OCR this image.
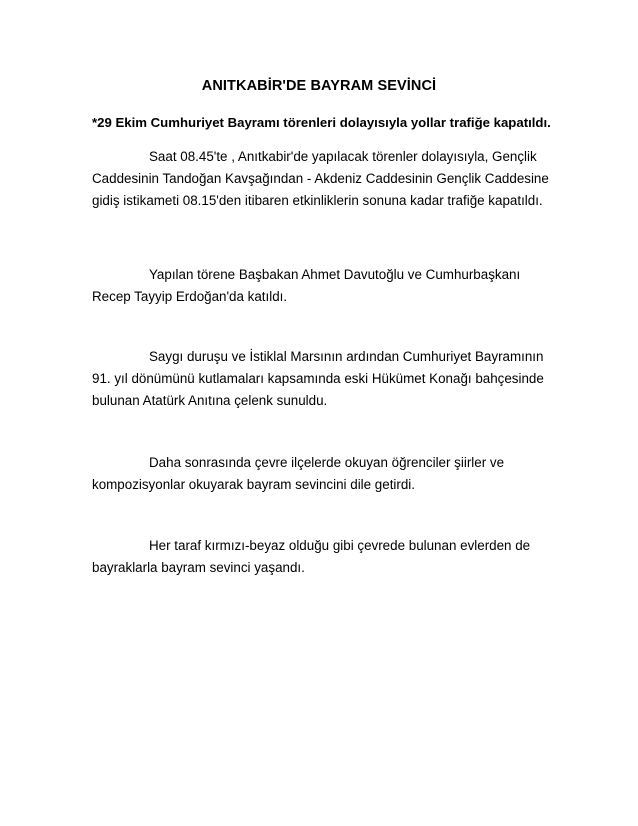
ANITKABİR'DE BAYRAM SEVİNCİ
*29 Ekim Cumhuriyet Bayramı törenleri dolayısıyla yollar trafiğe kapatıldı.
Saat 08.45'te , Anıtkabir'de yapılacak törenler dolayısıyla, Gençlik Caddesinin Tandoğan Kavşağından - Akdeniz Caddesinin Gençlik Caddesine gidiş istikameti 08.15'den itibaren etkinliklerin sonuna kadar trafiğe kapatıldı.
Yapılan törene Başbakan Ahmet Davutoğlu ve Cumhurbaşkanı Recep Tayyip Erdoğan'da katıldı.
Saygı duruşu ve İstiklal Marsının ardından Cumhuriyet Bayramının 91. yıl dönümünü kutlamaları kapsamında eski Hükümet Konağı bahçesinde bulunan Atatürk Anıtına çelenk sunuldu.
Daha sonrasında çevre ilçelerde okuyan öğrenciler şiirler ve kompozisyonlar okuyarak bayram sevincini dile getirdi.
Her taraf kırmızı-beyaz olduğu gibi çevrede bulunan evlerden de bayraklarla bayram sevinci yaşandı.
